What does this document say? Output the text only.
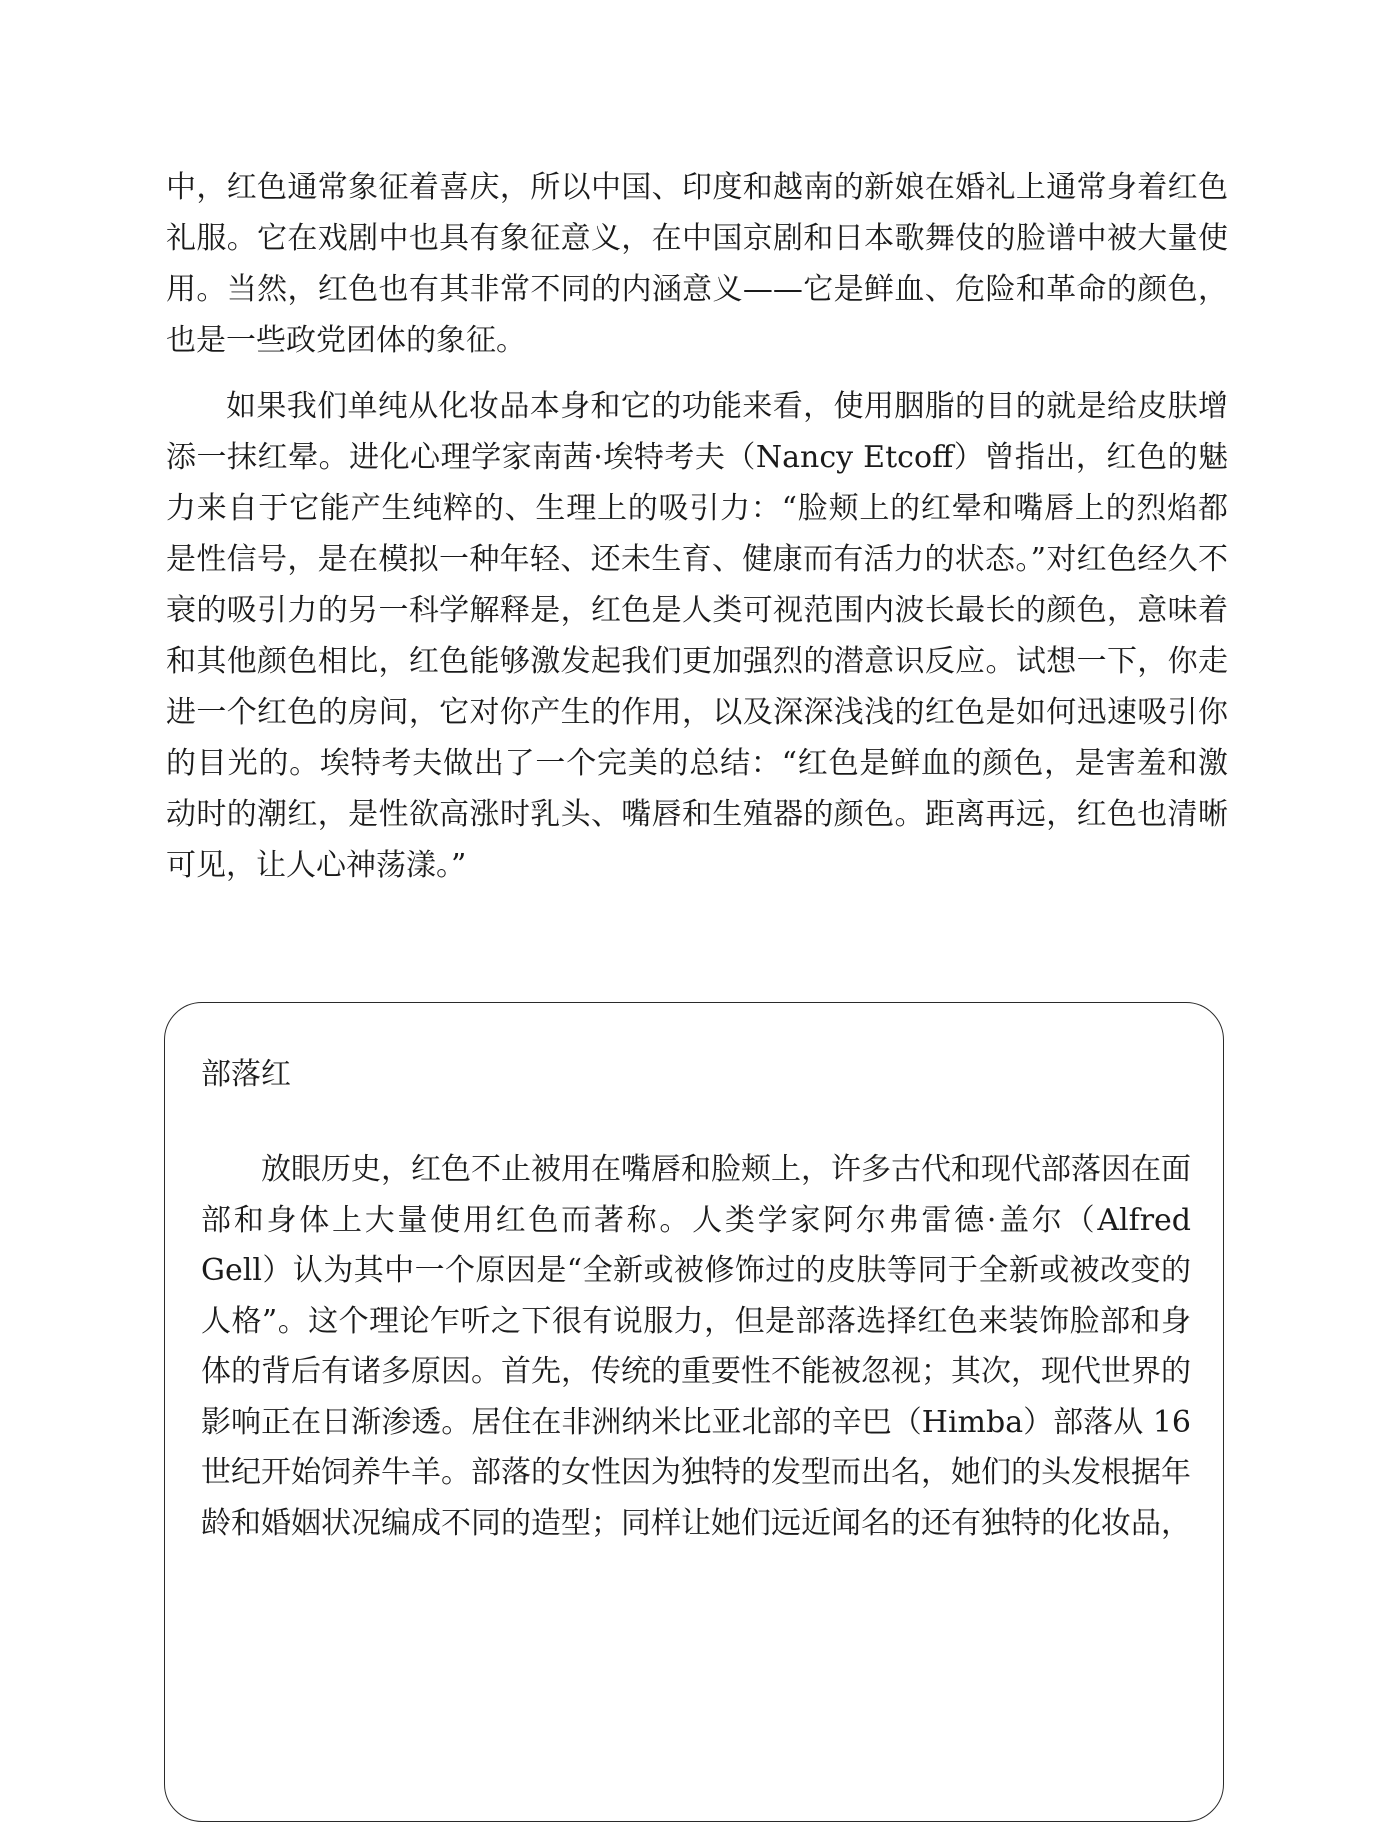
中，红色通常象征着喜庆，所以中国、印度和越南的新娘在婚礼上通常身着红色礼服。它在戏剧中也具有象征意义，在中国京剧和日本歌舞伎的脸谱中被大量使用。当然，红色也有其非常不同的内涵意义——它是鲜血、危险和革命的颜色，也是一些政党团体的象征。

如果我们单纯从化妆品本身和它的功能来看，使用胭脂的目的就是给皮肤增添一抹红晕。进化心理学家南茜·埃特考夫（Nancy Etcoff）曾指出，红色的魅力来自于它能产生纯粹的、生理上的吸引力：“脸颊上的红晕和嘴唇上的烈焰都是性信号，是在模拟一种年轻、还未生育、健康而有活力的状态。”对红色经久不衰的吸引力的另一科学解释是，红色是人类可视范围内波长最长的颜色，意味着和其他颜色相比，红色能够激发起我们更加强烈的潜意识反应。试想一下，你走进一个红色的房间，它对你产生的作用，以及深深浅浅的红色是如何迅速吸引你的目光的。埃特考夫做出了一个完美的总结：“红色是鲜血的颜色，是害羞和激动时的潮红，是性欲高涨时乳头、嘴唇和生殖器的颜色。距离再远，红色也清晰可见，让人心神荡漾。”

部落红

放眼历史，红色不止被用在嘴唇和脸颊上，许多古代和现代部落因在面部和身体上大量使用红色而著称。人类学家阿尔弗雷德·盖尔（Alfred Gell）认为其中一个原因是“全新或被修饰过的皮肤等同于全新或被改变的人格”。这个理论乍听之下很有说服力，但是部落选择红色来装饰脸部和身体的背后有诸多原因。首先，传统的重要性不能被忽视；其次，现代世界的影响正在日渐渗透。居住在非洲纳米比亚北部的辛巴（Himba）部落从 16 世纪开始饲养牛羊。部落的女性因为独特的发型而出名，她们的头发根据年龄和婚姻状况编成不同的造型；同样让她们远近闻名的还有独特的化妆品，
